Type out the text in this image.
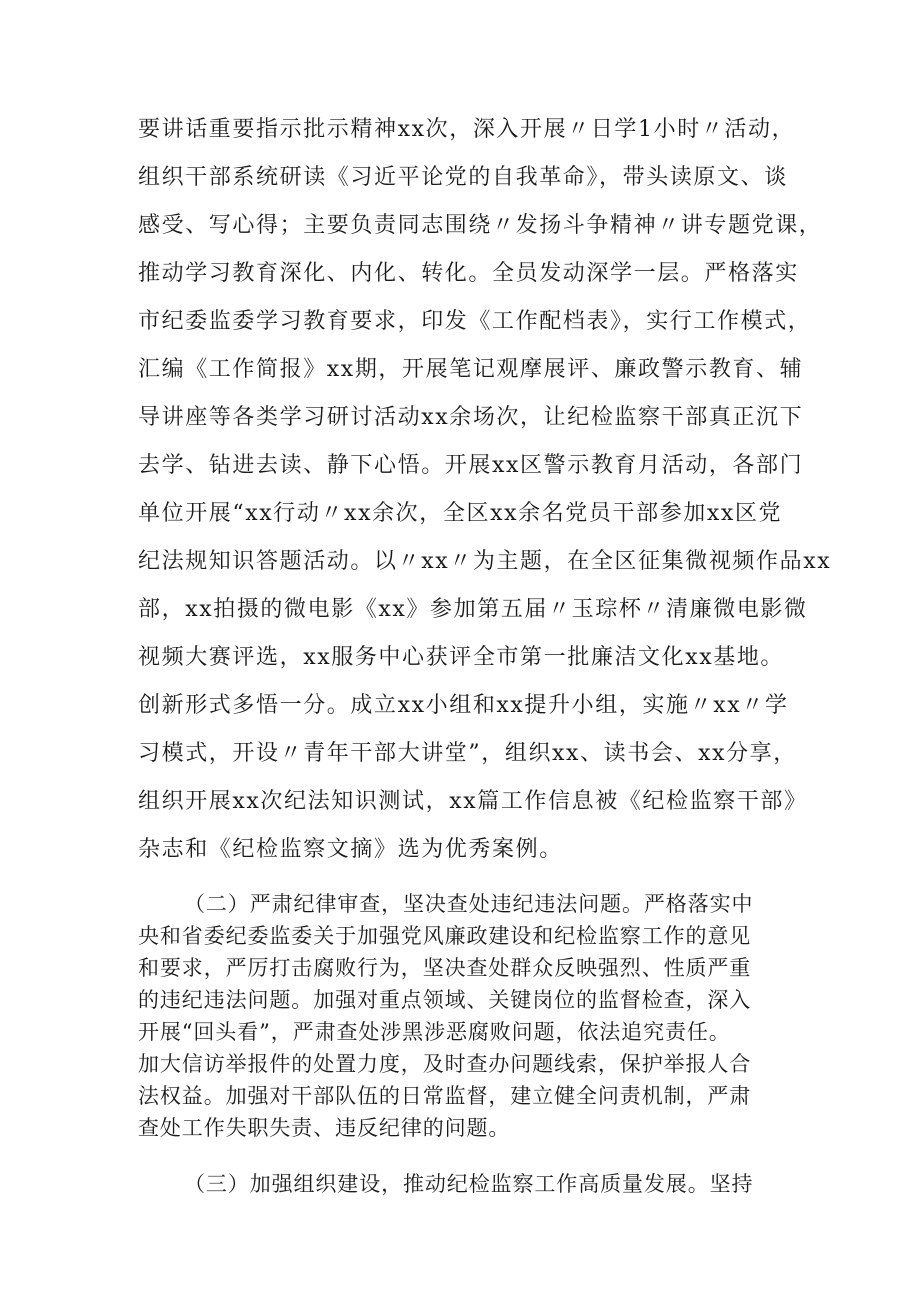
要讲话重要指示批示精神xx次，深入开展〃日学1小时〃活动，

组织干部系统研读《习近平论党的自我革命》，带头读原文、谈

感受、写心得；主要负责同志围绕〃发扬斗争精神〃讲专题党课，

推动学习教育深化、内化、转化。全员发动深学一层。严格落实

市纪委监委学习教育要求，印发《工作配档表》，实行工作模式，

汇编《工作简报》xx期，开展笔记观摩展评、廉政警示教育、辅

导讲座等各类学习研讨活动xx余场次，让纪检监察干部真正沉下

去学、钻进去读、静下心悟。开展xx区警示教育月活动，各部门

单位开展“xx行动〃xx余次，全区xx余名党员干部参加xx区党

纪法规知识答题活动。以〃xx〃为主题，在全区征集微视频作品xx

部，xx拍摄的微电影《xx》参加第五届〃玉琮杯〃清廉微电影微

视频大赛评选，xx服务中心获评全市第一批廉洁文化xx基地。

创新形式多悟一分。成立xx小组和xx提升小组，实施〃xx〃学

习模式，开设〃青年干部大讲堂”，组织xx、读书会、xx分享，

组织开展xx次纪法知识测试，xx篇工作信息被《纪检监察干部》

杂志和《纪检监察文摘》选为优秀案例。

（二）严肃纪律审查，坚决查处违纪违法问题。严格落实中

央和省委纪委监委关于加强党风廉政建设和纪检监察工作的意见

和要求，严厉打击腐败行为，坚决查处群众反映强烈、性质严重

的违纪违法问题。加强对重点领域、关键岗位的监督检查，深入

开展“回头看”，严肃查处涉黑涉恶腐败问题，依法追究责任。

加大信访举报件的处置力度，及时查办问题线索，保护举报人合

法权益。加强对干部队伍的日常监督，建立健全问责机制，严肃

查处工作失职失责、违反纪律的问题。

（三）加强组织建设，推动纪检监察工作高质量发展。坚持
